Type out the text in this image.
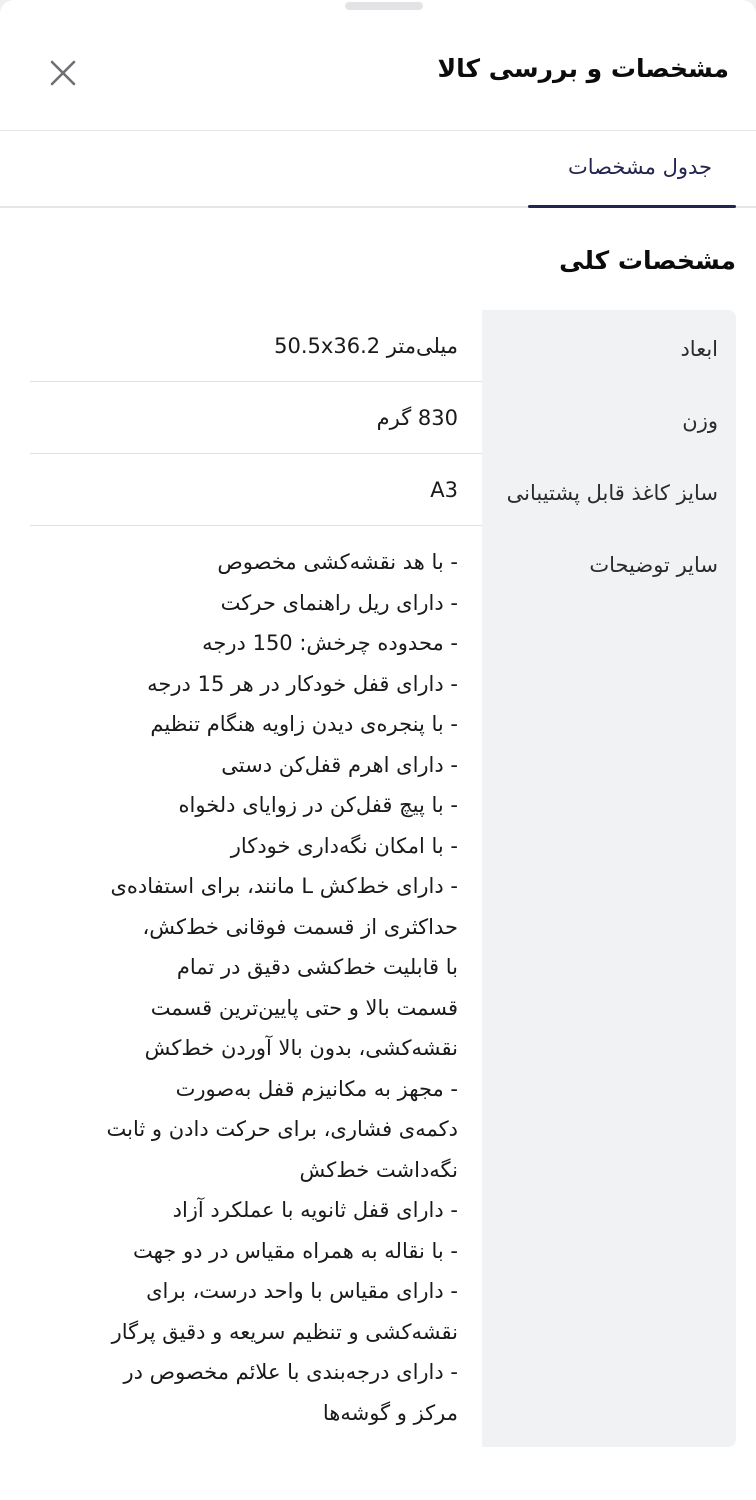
مشخصات و بررسی کالا
جدول مشخصات
مشخصات کلی
ابعاد
میلی‌متر 50.5x36.2
وزن
830 گرم
سایز کاغذ قابل پشتیبانی
A3
سایر توضیحات
- با هد نقشه‌کشی مخصوص
- دارای ریل راهنمای حرکت
- محدوده چرخش: 150 درجه
- دارای قفل خودکار در هر 15 درجه
- با پنجره‌ی دیدن زاویه هنگام تنظیم
- دارای اهرم قفل‌کن دستی
- با پیچ قفل‌کن در زوایای دلخواه
- با امکان نگه‌داری خودکار
- دارای خط‌کش L مانند، برای استفاده‌ی
حداکثری از قسمت فوقانی خط‌کش،
با قابلیت خط‌کشی دقیق در تمام
قسمت بالا و حتی پایین‌ترین قسمت
نقشه‌کشی، بدون بالا آوردن خط‌کش
- مجهز به مکانیزم قفل به‌صورت
دکمه‌ی فشاری، برای حرکت دادن و ثابت
نگه‌داشت خط‌کش
- دارای قفل ثانویه با عملکرد آزاد
- با نقاله به همراه مقیاس در دو جهت
- دارای مقیاس با واحد درست، برای
نقشه‌کشی و تنظیم سریعه و دقیق پرگار
- دارای درجه‌بندی با علائم مخصوص در
مرکز و گوشه‌ها
